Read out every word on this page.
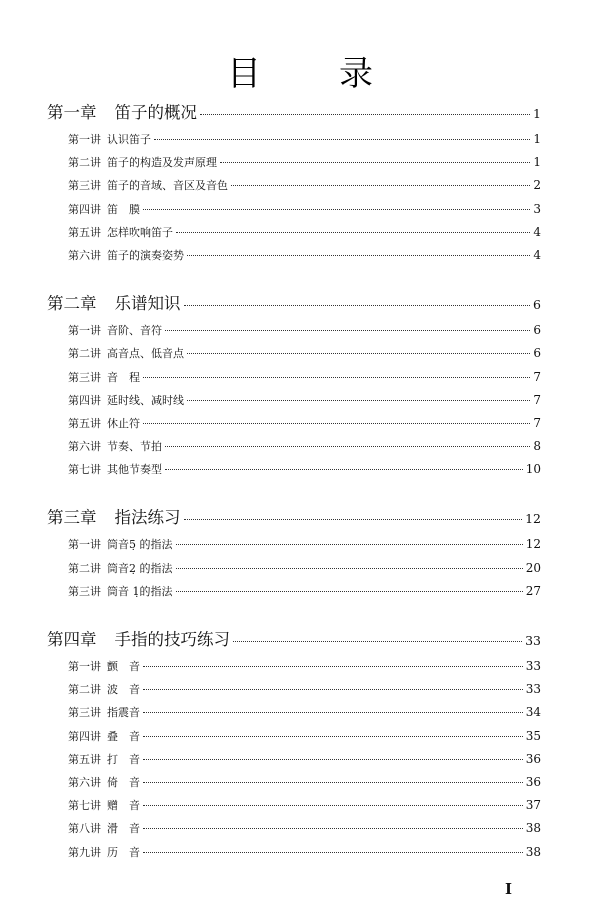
目 录
第一章 笛子的概况	1
第一讲 认识笛子	1
第二讲 笛子的构造及发声原理	1
第三讲 笛子的音域、音区及音色	2
第四讲 笛　膜	3
第五讲 怎样吹响笛子	4
第六讲 笛子的演奏姿势	4
第二章 乐谱知识	6
第一讲 音阶、音符	6
第二讲 高音点、低音点	6
第三讲 音　程	7
第四讲 延时线、减时线	7
第五讲 休止符	7
第六讲 节奏、节拍	8
第七讲 其他节奏型	10
第三章 指法练习	12
第一讲 筒音5̣ 的指法	12
第二讲 筒音2̣ 的指法	20
第三讲 筒音 1̣的指法	27
第四章 手指的技巧练习	33
第一讲 颤　音	33
第二讲 波　音	33
第三讲 指震音	34
第四讲 叠　音	35
第五讲 打　音	36
第六讲 倚　音	36
第七讲 赠　音	37
第八讲 滑　音	38
第九讲 历　音	38
I
